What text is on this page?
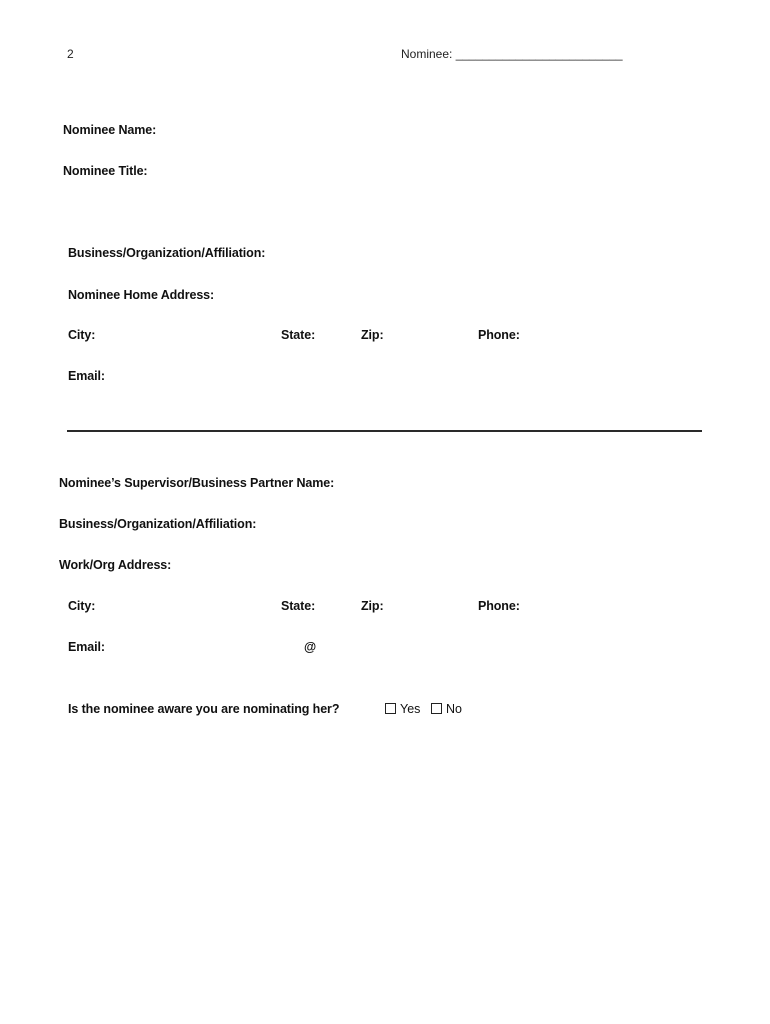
2	Nominee: _________________________
Nominee Name:
Nominee Title:
Business/Organization/Affiliation:
Nominee Home Address:
City:	State:	Zip:	Phone:
Email:
Nominee’s Supervisor/Business Partner Name:
Business/Organization/Affiliation:
Work/Org Address:
City:	State:	Zip:	Phone:
Email:	@
Is the nominee aware you are nominating her?	Yes	No
